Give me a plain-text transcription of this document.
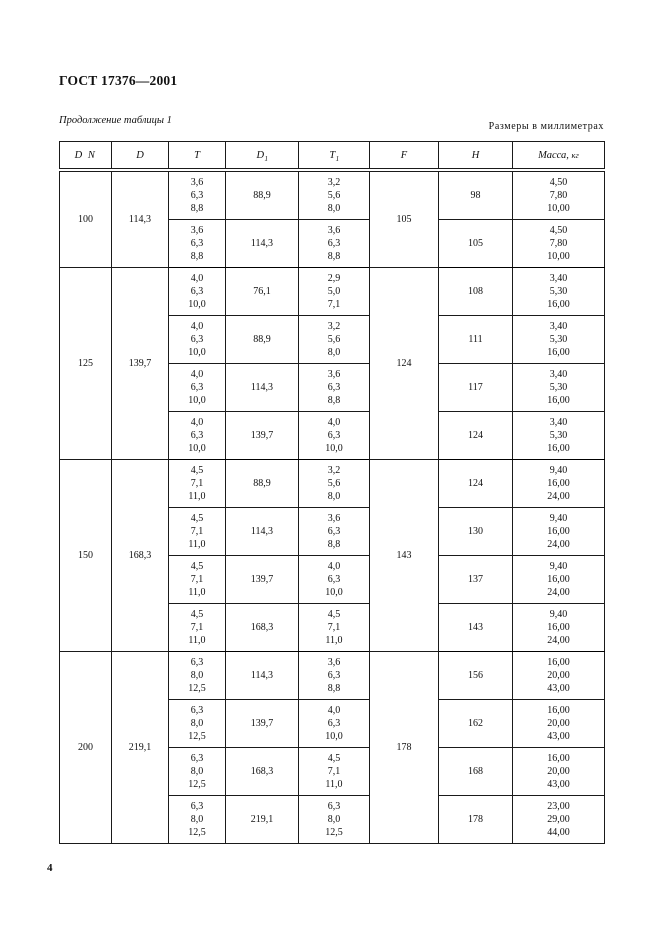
ГОСТ 17376—2001
Продолжение таблицы 1
Размеры в миллиметрах
D N	D	T	$D_1$	$T_1$	F	H	Масса, кг

100	114,3	3,6
6,3
8,8	88,9	3,2
5,6
8,0	105	98	4,50
7,80
10,00

		3,6
6,3
8,8	114,3	3,6
6,3
8,8		105	4,50
7,80
10,00

125	139,7	4,0
6,3
10,0	76,1	2,9
5,0
7,1	124	108	3,40
5,30
16,00

		4,0
6,3
10,0	88,9	3,2
5,6
8,0		111	3,40
5,30
16,00

		4,0
6,3
10,0	114,3	3,6
6,3
8,8		117	3,40
5,30
16,00

		4,0
6,3
10,0	139,7	4,0
6,3
10,0		124	3,40
5,30
16,00

150	168,3	4,5
7,1
11,0	88,9	3,2
5,6
8,0	143	124	9,40
16,00
24,00

		4,5
7,1
11,0	114,3	3,6
6,3
8,8		130	9,40
16,00
24,00

		4,5
7,1
11,0	139,7	4,0
6,3
10,0		137	9,40
16,00
24,00

		4,5
7,1
11,0	168,3	4,5
7,1
11,0		143	9,40
16,00
24,00

200	219,1	6,3
8,0
12,5	114,3	3,6
6,3
8,8	178	156	16,00
20,00
43,00

		6,3
8,0
12,5	139,7	4,0
6,3
10,0		162	16,00
20,00
43,00

		6,3
8,0
12,5	168,3	4,5
7,1
11,0		168	16,00
20,00
43,00

		6,3
8,0
12,5	219,1	6,3
8,0
12,5		178	23,00
29,00
44,00
4
